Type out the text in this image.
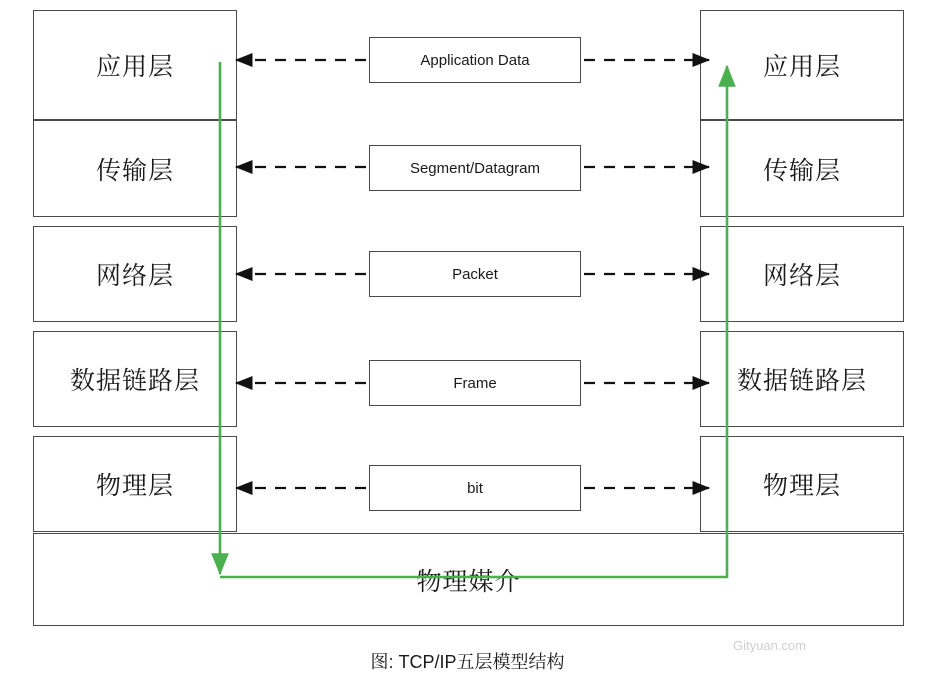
应用层
传输层
网络层
数据链路层
物理层
应用层
传输层
网络层
数据链路层
物理层
Application Data
Segment/Datagram
Packet
Frame
bit
物理媒介
图: TCP/IP五层模型结构
Gityuan.com
